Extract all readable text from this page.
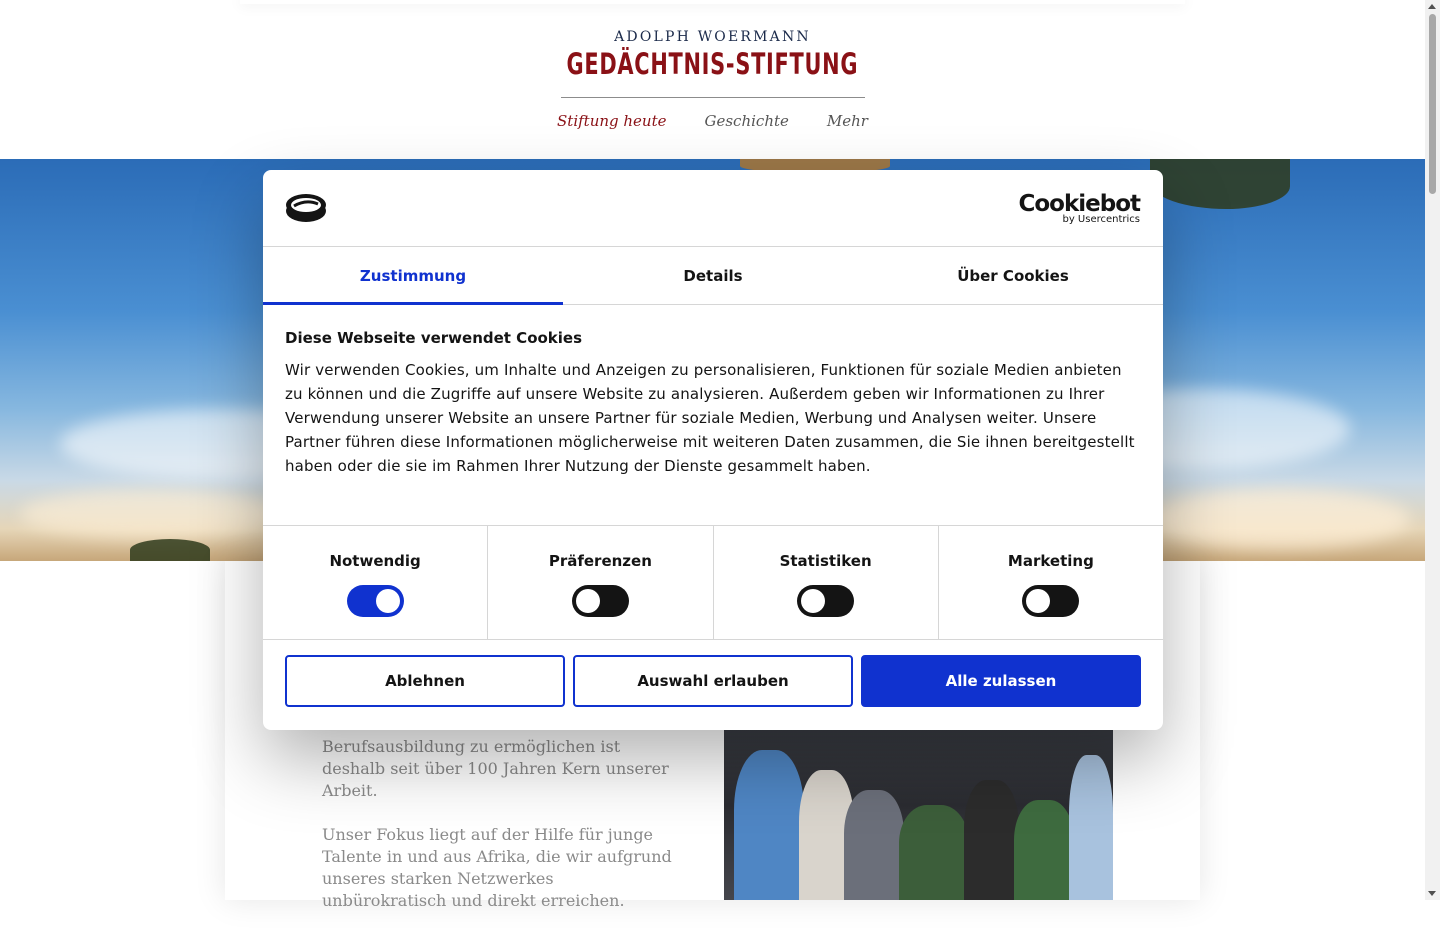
ADOLPH WOERMANN
GEDÄCHTNIS-STIFTUNG
Stiftung heute	Geschichte	Mehr

Berufsausbildung zu ermöglichen ist deshalb seit über 100 Jahren Kern unserer Arbeit.

Unser Fokus liegt auf der Hilfe für junge Talente in und aus Afrika, die wir aufgrund unseres starken Netzwerkes unbürokratisch und direkt erreichen.

Cookiebot
by Usercentrics
Zustimmung	Details	Über Cookies
Diese Webseite verwendet Cookies

Wir verwenden Cookies, um Inhalte und Anzeigen zu personalisieren, Funktionen für soziale Medien anbieten zu können und die Zugriffe auf unsere Website zu analysieren. Außerdem geben wir Informationen zu Ihrer Verwendung unserer Website an unsere Partner für soziale Medien, Werbung und Analysen weiter. Unsere Partner führen diese Informationen möglicherweise mit weiteren Daten zusammen, die Sie ihnen bereitgestellt haben oder die sie im Rahmen Ihrer Nutzung der Dienste gesammelt haben.

Notwendig	Präferenzen	Statistiken	Marketing
Ablehnen	Auswahl erlauben	Alle zulassen
